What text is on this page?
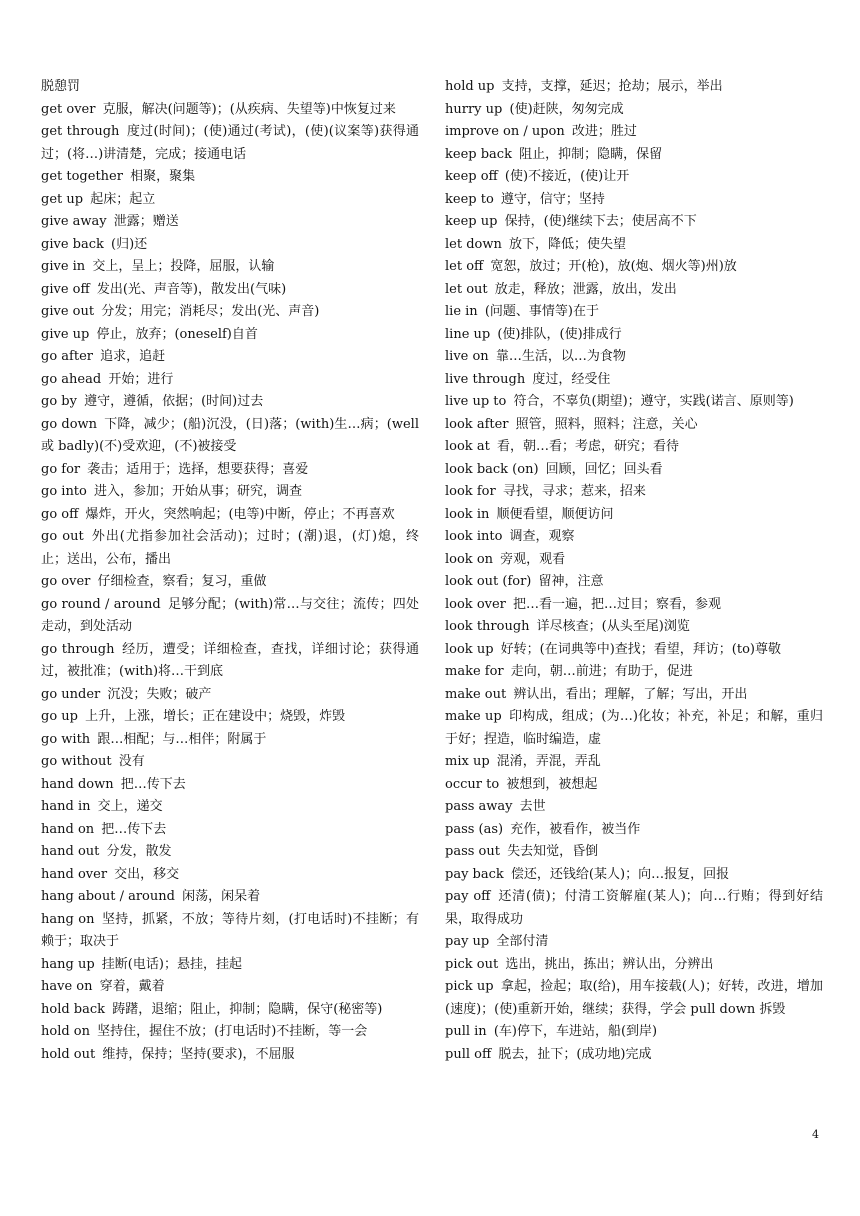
脱憩罚

get over 克服，解决(问题等)；(从疾病、失望等)中恢复过来

get through 度过(时间)；(使)通过(考试)，(使)(议案等)获得通过；(将…)讲清楚，完成；接通电话

get together 相聚，聚集

get up 起床；起立

give away 泄露；赠送

give back (归)还

give in 交上，呈上；投降，屈服，认输

give off 发出(光、声音等)，散发出(气味)

give out 分发；用完；消耗尽；发出(光、声音)

give up 停止，放弃；(oneself)自首

go after 追求，追赶

go ahead 开始；进行

go by 遵守，遵循，依据；(时间)过去

go down 下降，减少；(船)沉没，(日)落；(with)生…病；(well 或 badly)(不)受欢迎，(不)被接受

go for 袭击；适用于；选择，想要获得；喜爱

go into 进入，参加；开始从事；研究，调查

go off 爆炸，开火，突然响起；(电等)中断，停止；不再喜欢

go out 外出(尤指参加社会活动)；过时；(潮)退，(灯)熄，终止；送出，公布，播出

go over 仔细检查，察看；复习，重做

go round / around 足够分配；(with)常…与交往；流传；四处走动，到处活动

go through 经历，遭受；详细检查，查找，详细讨论；获得通过，被批准；(with)将…干到底

go under 沉没；失败；破产

go up 上升，上涨，增长；正在建设中；烧毁，炸毁

go with 跟…相配；与…相伴；附属于

go without 没有

hand down 把…传下去

hand in 交上，递交

hand on 把…传下去

hand out 分发，散发

hand over 交出，移交

hang about / around 闲荡，闲呆着

hang on 坚持，抓紧，不放；等待片刻，(打电话时)不挂断；有赖于；取决于

hang up 挂断(电话)；悬挂，挂起

have on 穿着，戴着

hold back 踌躇，退缩；阻止，抑制；隐瞒，保守(秘密等)

hold on 坚持住，握住不放；(打电话时)不挂断，等一会

hold out 维持，保持；坚持(要求)，不屈服

hold up 支持，支撑，延迟；抢劫；展示，举出

hurry up (使)赶陕，匆匆完成

improve on / upon 改进；胜过

keep back 阻止，抑制；隐瞒，保留

keep off (使)不接近，(使)让开

keep to 遵守，信守；坚持

keep up 保持，(使)继续下去；使居高不下

let down 放下，降低；使失望

let off 宽恕，放过；开(枪)，放(炮、烟火等)州)放

let out 放走，释放；泄露，放出，发出

lie in (问题、事情等)在于

line up (使)排队，(使)排成行

live on 靠…生活，以…为食物

live through 度过，经受住

live up to 符合，不辜负(期望)；遵守，实践(诺言、原则等)

look after 照管，照料，照料；注意，关心

look at 看，朝…看；考虑，研究；看待

look back (on) 回顾，回忆；回头看

look for 寻找，寻求；惹来，招来

look in 顺便看望，顺便访问

look into 调查，观察

look on 旁观，观看

look out (for) 留神，注意

look over 把…看一遍，把…过目；察看，参观

look through 详尽核查；(从头至尾)浏览

look up 好转；(在词典等中)查找；看望，拜访；(to)尊敬

make for 走向，朝…前进；有助于，促进

make out 辨认出，看出；理解，了解；写出，开出

make up 印构成，组成；(为…)化妆；补充，补足；和解，重归于好；捏造，临时编造，虚

mix up 混淆，弄混，弄乱

occur to 被想到，被想起

pass away 去世

pass (as) 充作，被看作，被当作

pass out 失去知觉，昏倒

pay back 偿还，还钱给(某人)；向…报复，回报

pay off 还清(债)；付清工资解雇(某人)；向…行贿；得到好结果，取得成功

pay up 全部付清

pick out 选出，挑出，拣出；辨认出，分辨出

pick up 拿起，捡起；取(给)，用车接载(人)；好转，改进，增加(速度)；(使)重新开始，继续；获得，学会 pull down 拆毁

pull in (车)停下，车进站，船(到岸)

pull off 脱去，扯下；(成功地)完成

4
